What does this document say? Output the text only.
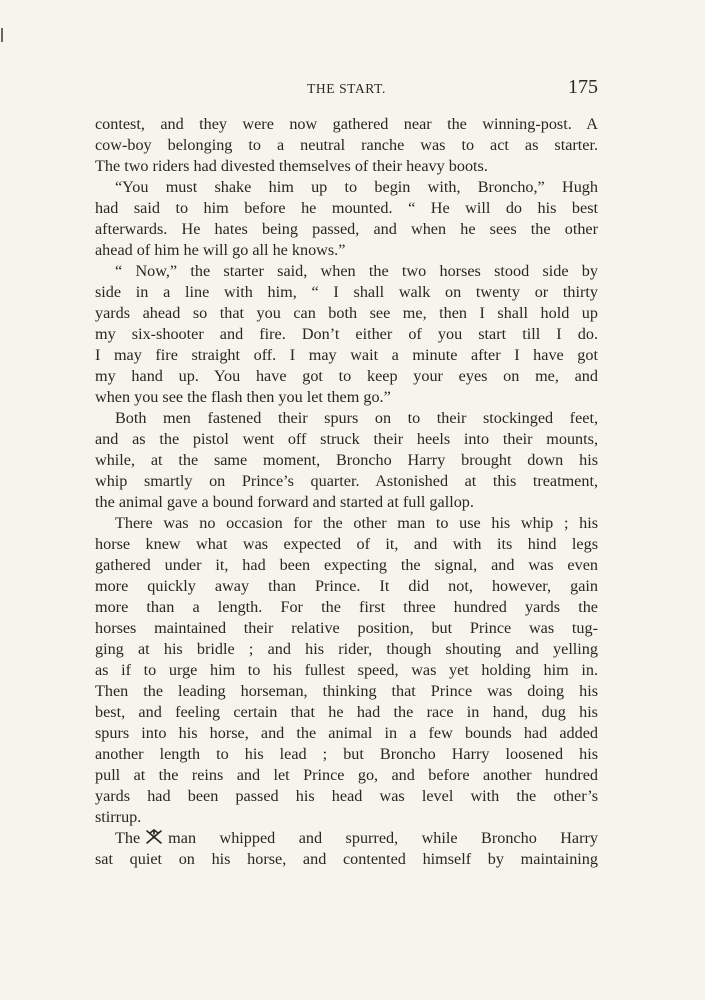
THE START.	175
contest, and they were now gathered near the winning-post. A
cow-boy belonging to a neutral ranche was to act as starter.
The two riders had divested themselves of their heavy boots.
“You must shake him up to begin with, Broncho,” Hugh
had said to him before he mounted. “ He will do his best
afterwards. He hates being passed, and when he sees the other
ahead of him he will go all he knows.”
“ Now,” the starter said, when the two horses stood side by
side in a line with him, “ I shall walk on twenty or thirty
yards ahead so that you can both see me, then I shall hold up
my six-shooter and fire. Don’t either of you start till I do.
I may fire straight off. I may wait a minute after I have got
my hand up. You have got to keep your eyes on me, and
when you see the flash then you let them go.”
Both men fastened their spurs on to their stockinged feet,
and as the pistol went off struck their heels into their mounts,
while, at the same moment, Broncho Harry brought down his
whip smartly on Prince’s quarter. Astonished at this treatment,
the animal gave a bound forward and started at full gallop.
There was no occasion for the other man to use his whip ; his
horse knew what was expected of it, and with its hind legs
gathered under it, had been expecting the signal, and was even
more quickly away than Prince. It did not, however, gain
more than a length. For the first three hundred yards the
horses maintained their relative position, but Prince was tug-
ging at his bridle ; and his rider, though shouting and yelling
as if to urge him to his fullest speed, was yet holding him in.
Then the leading horseman, thinking that Prince was doing his
best, and feeling certain that he had the race in hand, dug his
spurs into his horse, and the animal in a few bounds had added
another length to his lead ; but Broncho Harry loosened his
pull at the reins and let Prince go, and before another hundred
yards had been passed his head was level with the other’s
stirrup.
The man whipped and spurred, while Broncho Harry
sat quiet on his horse, and contented himself by maintaining
